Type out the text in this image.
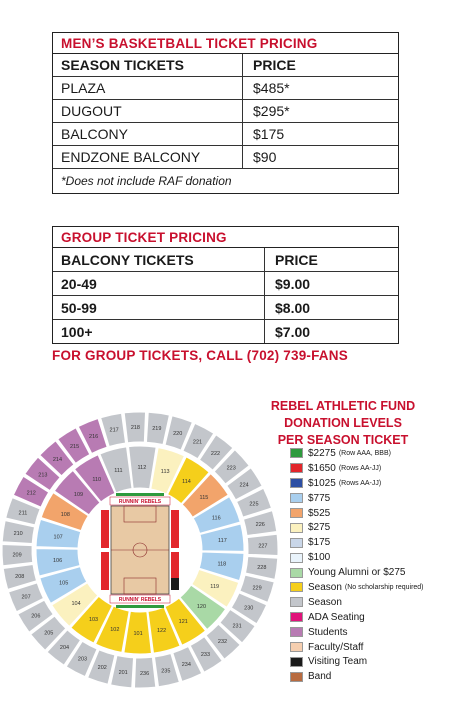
MEN’S BASKETBALL TICKET PRICING
SEASON TICKETS	PRICE
PLAZA	$485*
DUGOUT	$295*
BALCONY	$175
ENDZONE BALCONY	$90
*Does not include RAF donation
GROUP TICKET PRICING
BALCONY TICKETS	PRICE
20-49	$9.00
50-99	$8.00
100+	$7.00
FOR GROUP TICKETS, CALL (702) 739-FANS
201
202
203
204
205
206
207
208
209
210
211
212
213
214
215
216
217 218 219
220
221
222
223
224
225
226
227
228
229
230
231
232
233
234
235
236
101
102
103
104
105
106
107
108
109
110
111	112
113
114
115
116
117
118
119
120
121
122
RUNNIN' REBELS
RUNNIN' REBELS
REBEL ATHLETIC FUND
DONATION LEVELS
PER SEASON TICKET
$2275 (Row AAA, BBB)
$1650 (Rows AA-JJ)
$1025 (Rows AA-JJ)
$775
$525
$275
$175
$100
Young Alumni or $275
Season (No scholarship required)
Season
ADA Seating
Students
Faculty/Staff
Visiting Team
Band
